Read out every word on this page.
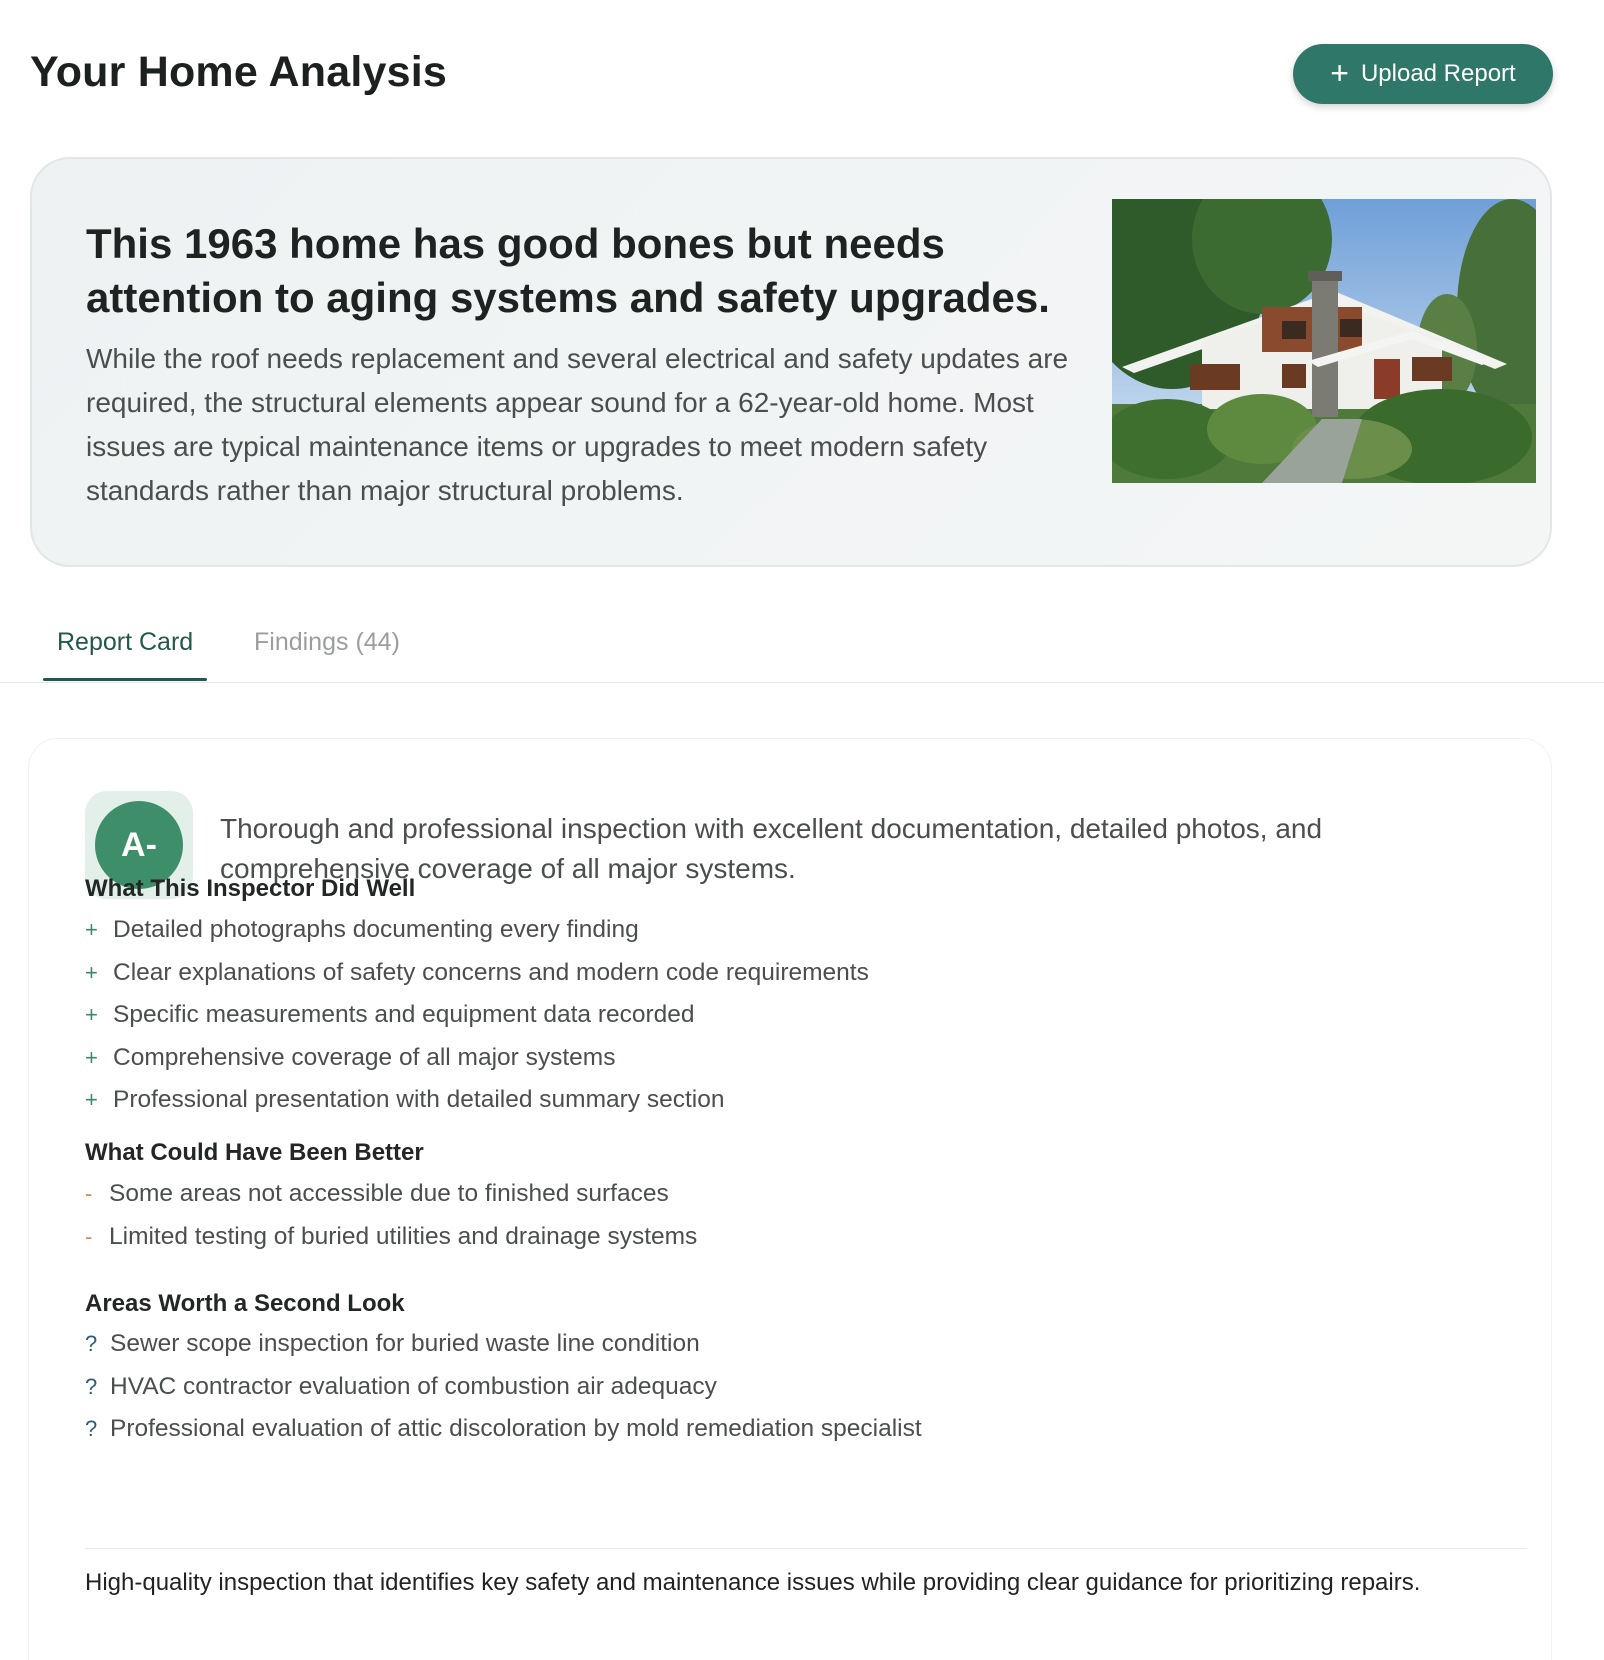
Your Home Analysis	+ Upload Report
This 1963 home has good bones but needs attention to aging systems and safety upgrades.

While the roof needs replacement and several electrical and safety updates are required, the structural elements appear sound for a 62-year-old home. Most issues are typical maintenance items or upgrades to meet modern safety standards rather than major structural problems.

Report Card Findings (44)
A-	Thorough and professional inspection with excellent documentation, detailed photos, and comprehensive coverage of all major systems.

What This Inspector Did Well
+ Detailed photographs documenting every finding
+ Clear explanations of safety concerns and modern code requirements
+ Specific measurements and equipment data recorded
+ Comprehensive coverage of all major systems
+ Professional presentation with detailed summary section
What Could Have Been Better
- Some areas not accessible due to finished surfaces
- Limited testing of buried utilities and drainage systems
Areas Worth a Second Look
? Sewer scope inspection for buried waste line condition
? HVAC contractor evaluation of combustion air adequacy
? Professional evaluation of attic discoloration by mold remediation specialist

High-quality inspection that identifies key safety and maintenance issues while providing clear guidance for prioritizing repairs.
